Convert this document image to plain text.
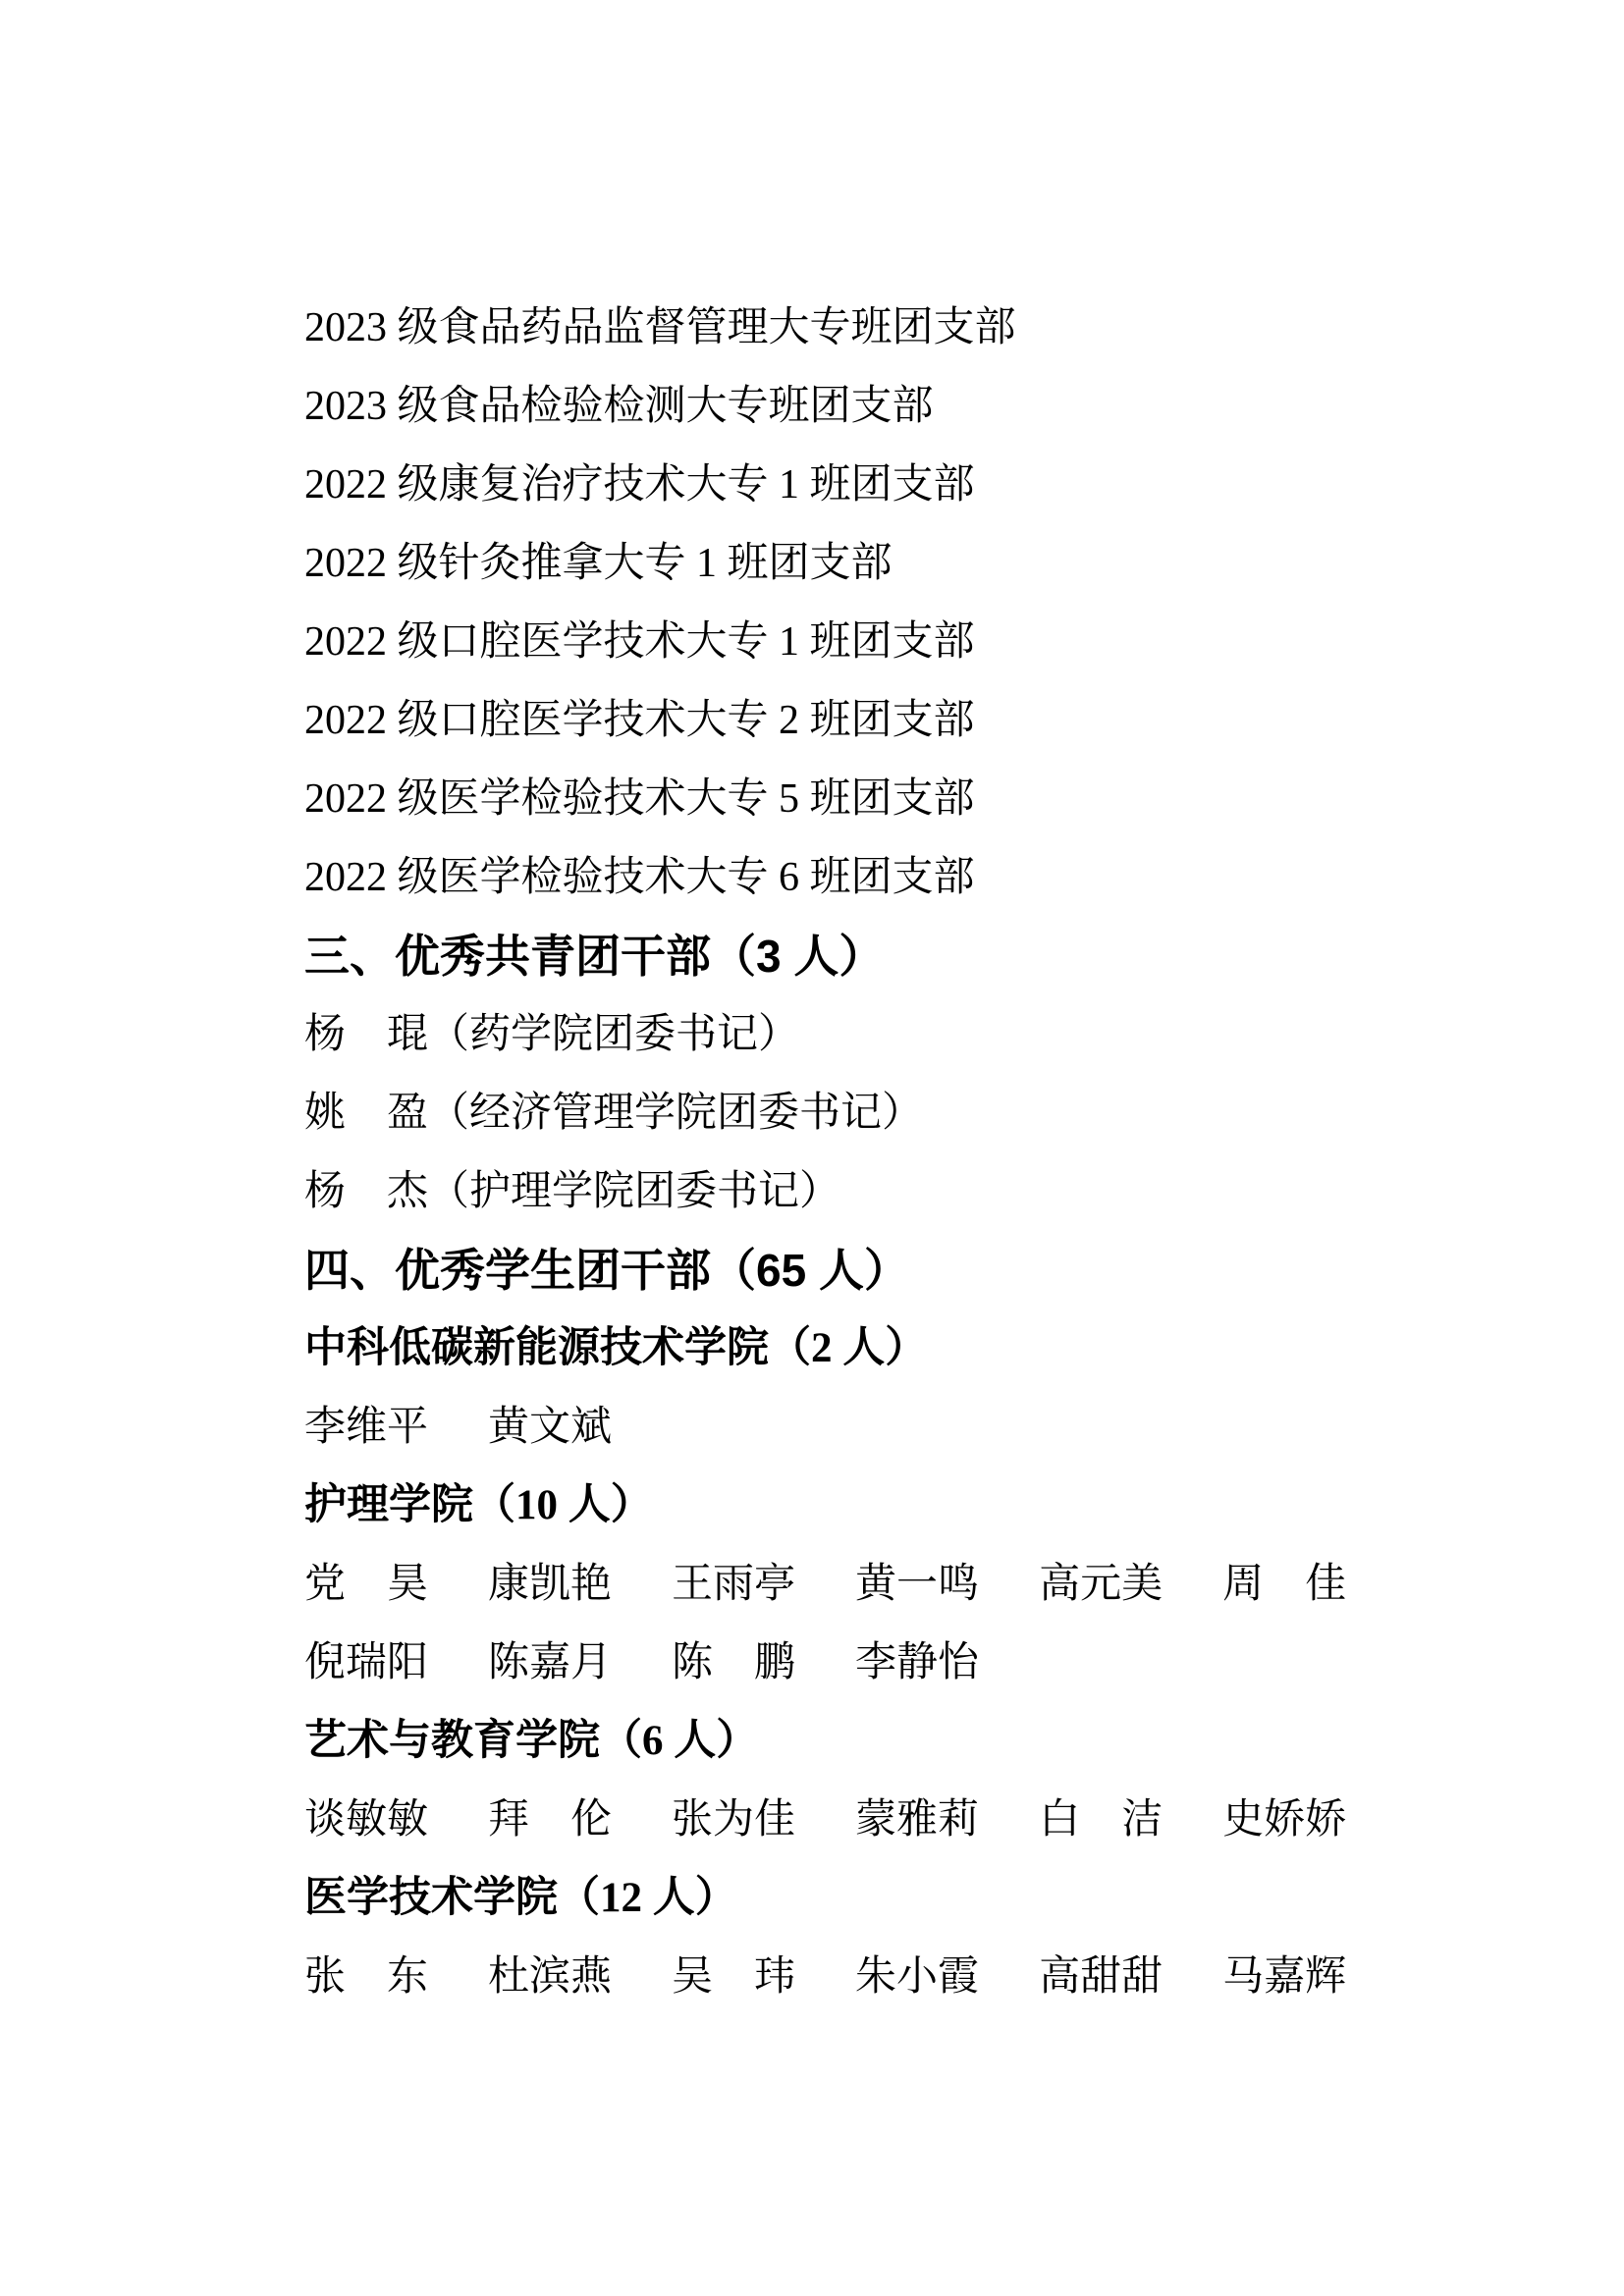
2023 级食品药品监督管理大专班团支部
2023 级食品检验检测大专班团支部
2022 级康复治疗技术大专 1 班团支部
2022 级针灸推拿大专 1 班团支部
2022 级口腔医学技术大专 1 班团支部
2022 级口腔医学技术大专 2 班团支部
2022 级医学检验技术大专 5 班团支部
2022 级医学检验技术大专 6 班团支部
三、优秀共青团干部（3 人）
杨　琨（药学院团委书记）
姚　盈（经济管理学院团委书记）
杨　杰（护理学院团委书记）
四、优秀学生团干部（65 人）
中科低碳新能源技术学院（2 人）
李维平 黄文斌
护理学院（10 人）
党　昊 康凯艳 王雨亭 黄一鸣 高元美 周　佳
倪瑞阳 陈嘉月 陈　鹏 李静怡
艺术与教育学院（6 人）
谈敏敏 拜　伦 张为佳 蒙雅莉 白　洁 史娇娇
医学技术学院（12 人）
张　东 杜滨燕 吴　玮 朱小霞 高甜甜 马嘉辉
